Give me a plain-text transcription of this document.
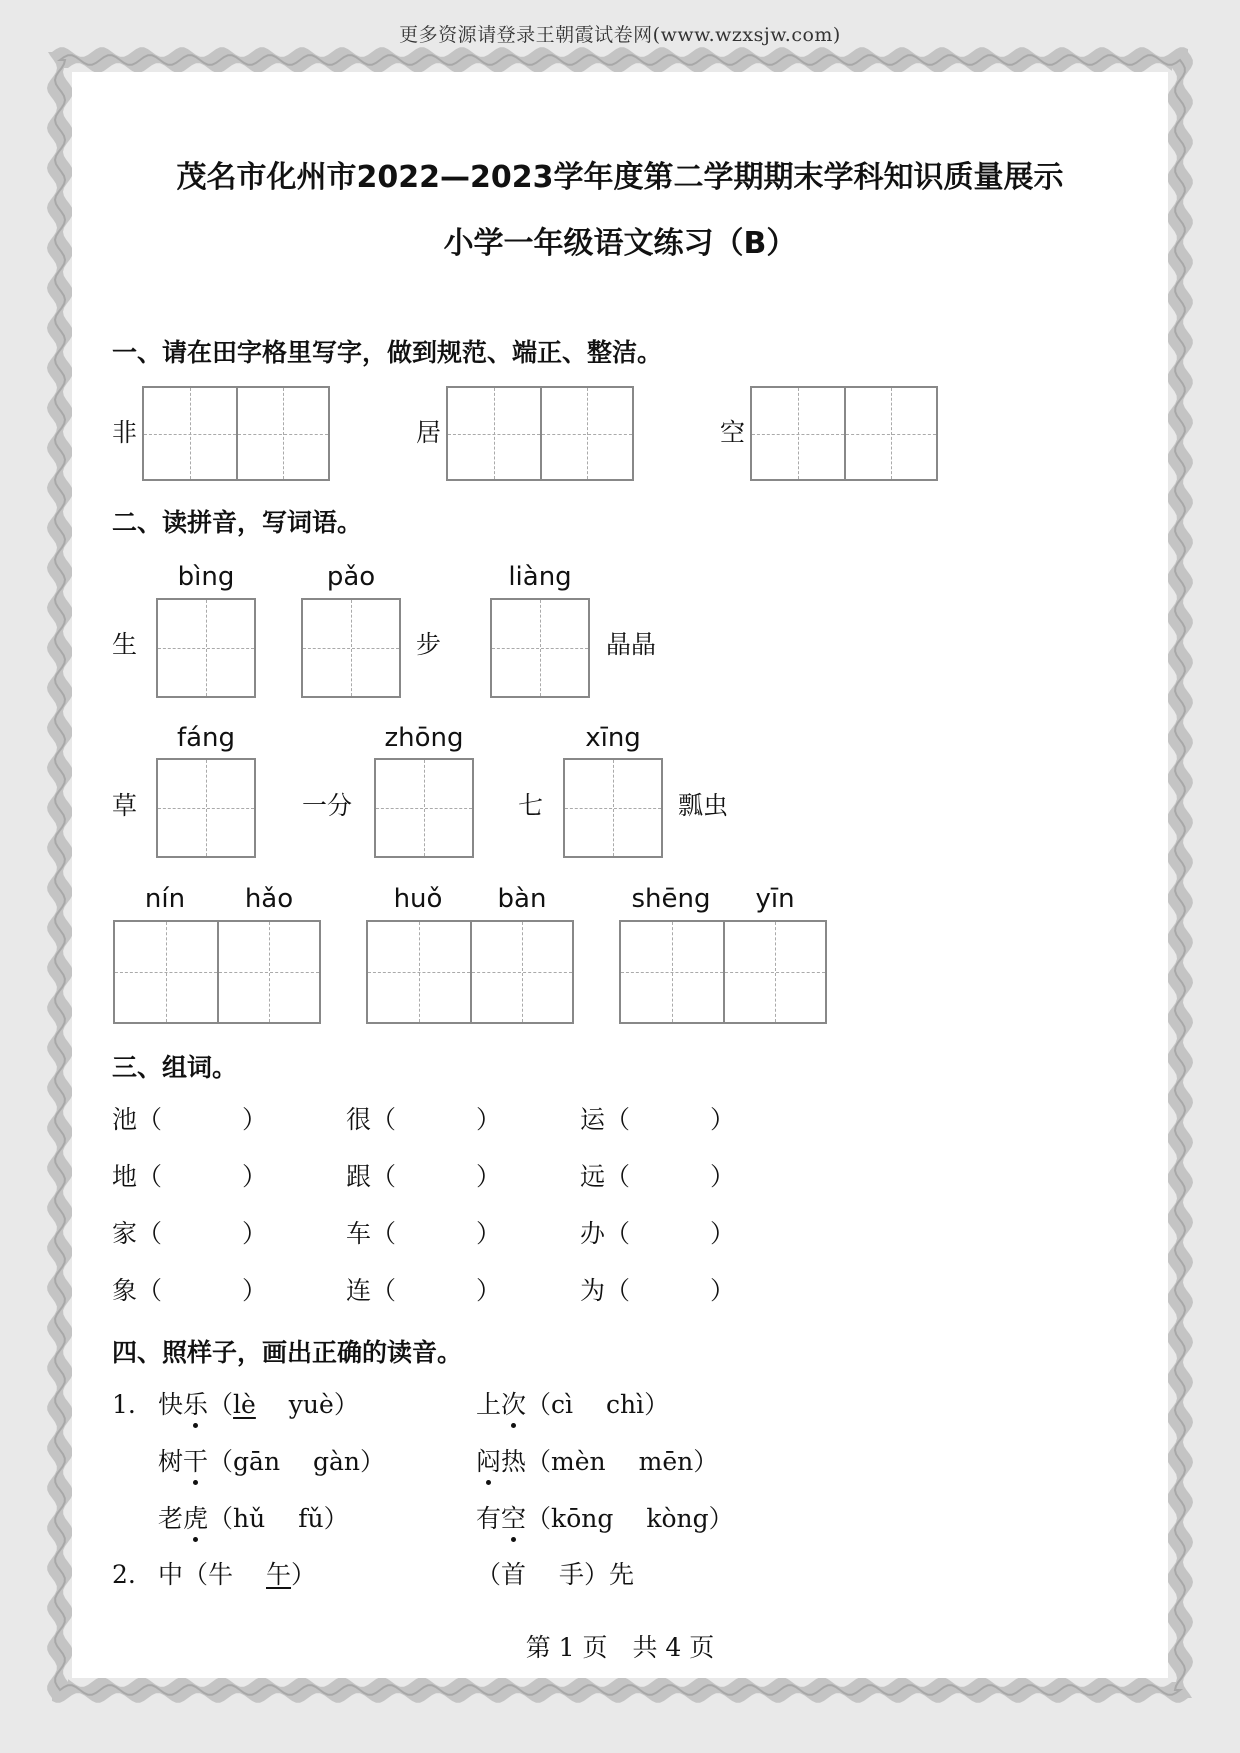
更多资源请登录王朝霞试卷网(www.wzxsjw.com)
茂名市化州市2022—2023学年度第二学期期末学科知识质量展示
小学一年级语文练习（B）
一、请在田字格里写字，做到规范、端正、整洁。
非	居	空
二、读拼音，写词语。
bìng
生
pǎo
步
liàng
晶晶
fáng
草	一分
zhōng
七
xīng
瓢虫
nín	hǎo	huǒ	bàn	shēng	yīn
三、组词。
池（	）	很（	）	运（	）
地（	）	跟（	）	远（	）
家（	）	车（	）	办（	）
象（	）	连（	）	为（	）
四、照样子，画出正确的读音。
1. 快乐（lè　 yuè）	上次（cì　 chì）
树干（gān　 gàn）	闷热（mèn　 mēn）
老虎（hǔ　 fǔ）	有空（kōng　 kòng）
2. 中（牛　 午）	（首　 手）先
第 1 页　共 4 页
